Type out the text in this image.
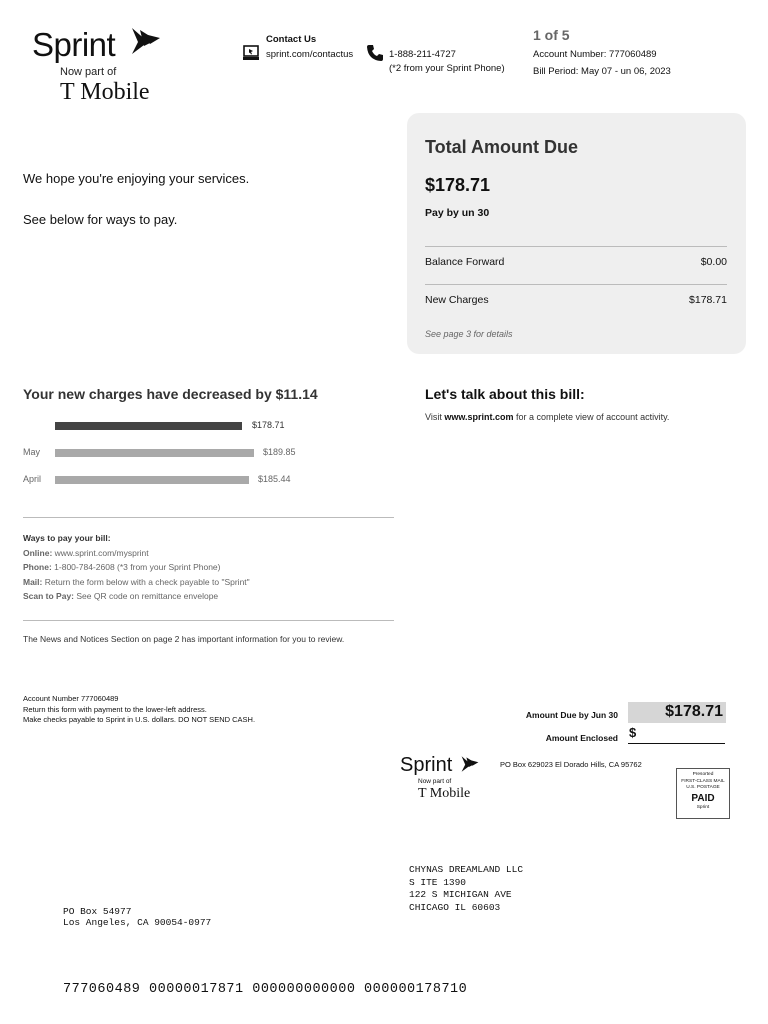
Sprint
Now part of
T Mobile
Contact Us
sprint.com/contactus	1-888-211-4727
(*2 from your Sprint Phone)
1 of 5
Account Number: 777060489
Bill Period: May 07 - un 06, 2023
We hope you're enjoying your services.
See below for ways to pay.
Total Amount Due
$178.71
Pay by un 30
Balance Forward	$0.00
New Charges	$178.71
See page 3 for details
Your new charges have decreased by $11.14
$178.71
May	$189.85
April	$185.44
Let's talk about this bill:
Visit www.sprint.com for a complete view of account activity.
Ways to pay your bill:
Online: www.sprint.com/mysprint
Phone: 1-800-784-2608 (*3 from your Sprint Phone)
Mail: Return the form below with a check payable to "Sprint"
Scan to Pay: See QR code on remittance envelope
The News and Notices Section on page 2 has important information for you to review.
Account Number 777060489
Return this form with payment to the lower-left address.
Make checks payable to Sprint in U.S. dollars. DO NOT SEND CASH.	Amount Due by Jun 30	$178.71
Amount Enclosed $
Sprint
Now part of
T Mobile
PO Box 629023 El Dorado Hills, CA 95762
Presorted
FIRST-CLASS MAIL
U.S. POSTAGE
PAID
Sprint
CHYNAS DREAMLAND LLC
S ITE 1390
122 S MICHIGAN AVE
CHICAGO IL 60603
PO Box 54977
Los Angeles, CA 90054-0977
777060489 00000017871 000000000000 000000178710
